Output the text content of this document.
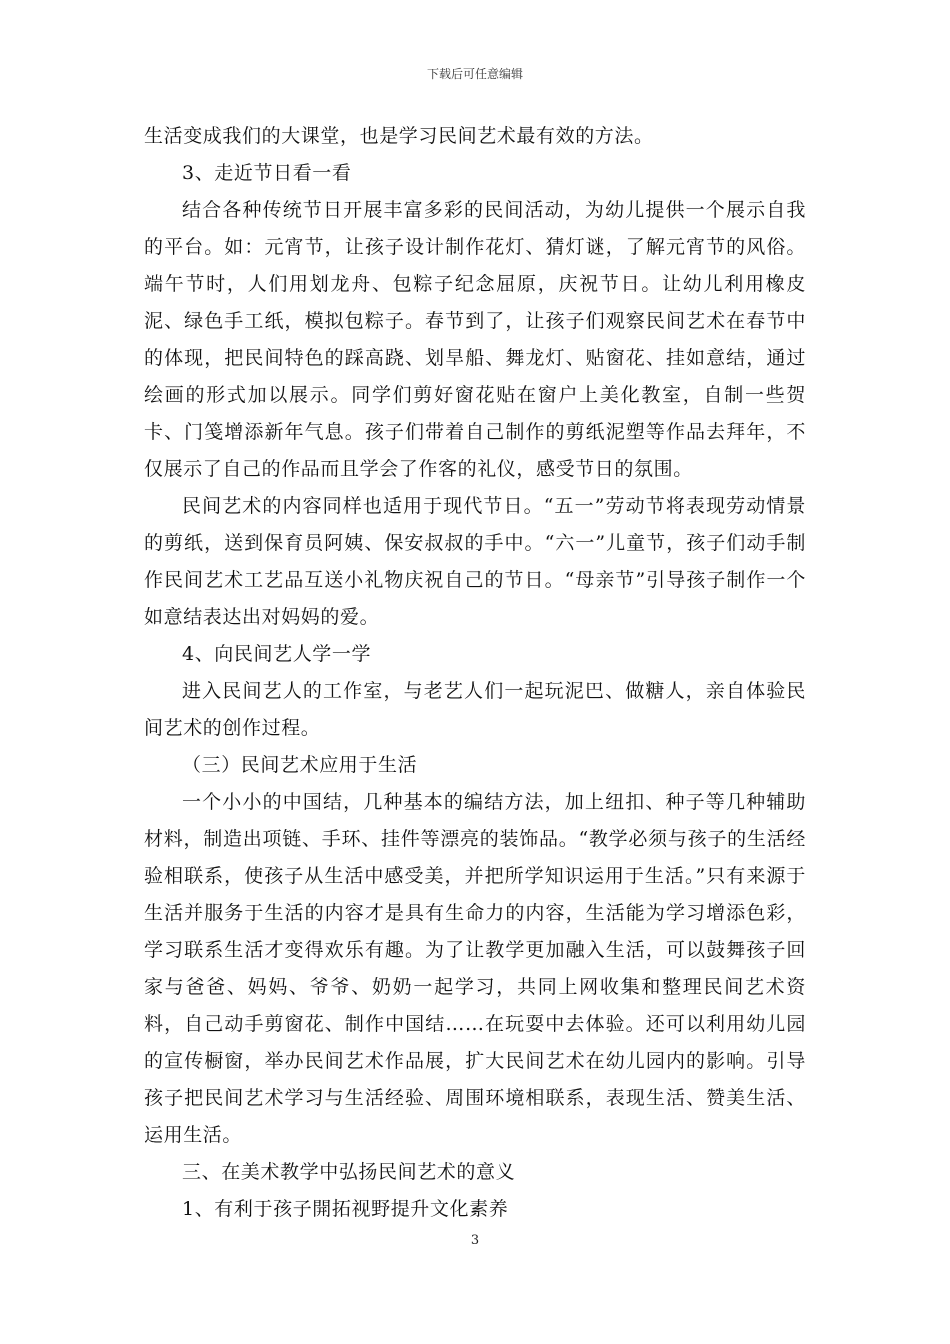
下载后可任意编辑

生活变成我们的大课堂，也是学习民间艺术最有效的方法。

3、走近节日看一看

结合各种传统节日开展丰富多彩的民间活动，为幼儿提供一个展示自我的平台。如：元宵节，让孩子设计制作花灯、猜灯谜，了解元宵节的风俗。端午节时，人们用划龙舟、包粽子纪念屈原，庆祝节日。让幼儿利用橡皮泥、绿色手工纸，模拟包粽子。春节到了，让孩子们观察民间艺术在春节中的体现，把民间特色的踩高跷、划旱船、舞龙灯、贴窗花、挂如意结，通过绘画的形式加以展示。同学们剪好窗花贴在窗户上美化教室，自制一些贺卡、门笺增添新年气息。孩子们带着自己制作的剪纸泥塑等作品去拜年，不仅展示了自己的作品而且学会了作客的礼仪，感受节日的氛围。

民间艺术的内容同样也适用于现代节日。“五一”劳动节将表现劳动情景的剪纸，送到保育员阿姨、保安叔叔的手中。“六一”儿童节，孩子们动手制作民间艺术工艺品互送小礼物庆祝自己的节日。“母亲节”引导孩子制作一个如意结表达出对妈妈的爱。

4、向民间艺人学一学

进入民间艺人的工作室，与老艺人们一起玩泥巴、做糖人，亲自体验民间艺术的创作过程。

（三）民间艺术应用于生活

一个小小的中国结，几种基本的编结方法，加上纽扣、种子等几种辅助材料，制造出项链、手环、挂件等漂亮的装饰品。“教学必须与孩子的生活经验相联系，使孩子从生活中感受美，并把所学知识运用于生活。”只有来源于生活并服务于生活的内容才是具有生命力的内容，生活能为学习增添色彩，学习联系生活才变得欢乐有趣。为了让教学更加融入生活，可以鼓舞孩子回家与爸爸、妈妈、爷爷、奶奶一起学习，共同上网收集和整理民间艺术资料，自己动手剪窗花、制作中国结……在玩耍中去体验。还可以利用幼儿园的宣传橱窗，举办民间艺术作品展，扩大民间艺术在幼儿园内的影响。引导孩子把民间艺术学习与生活经验、周围环境相联系，表现生活、赞美生活、运用生活。

三、在美术教学中弘扬民间艺术的意义

1、有利于孩子開拓视野提升文化素养

3
